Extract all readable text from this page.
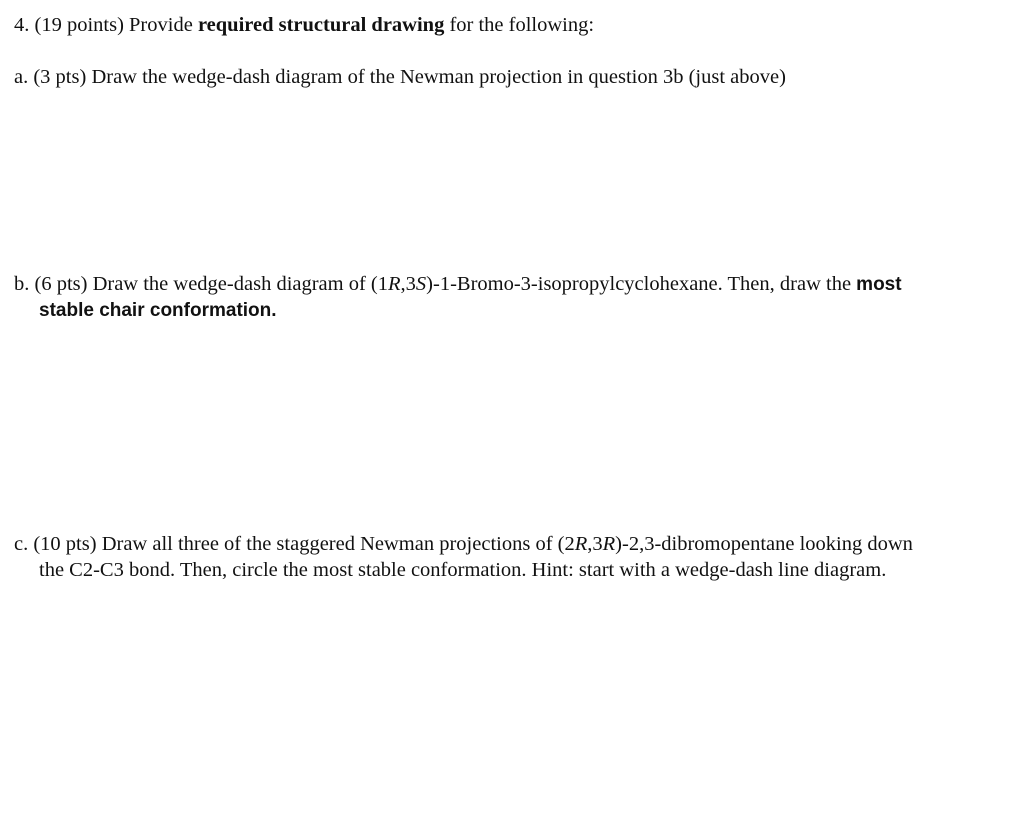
4. (19 points) Provide required structural drawing for the following:
a. (3 pts) Draw the wedge-dash diagram of the Newman projection in question 3b (just above)
b. (6 pts) Draw the wedge-dash diagram of (1R,3S)-1-Bromo-3-isopropylcyclohexane. Then, draw the most
stable chair conformation.
c. (10 pts) Draw all three of the staggered Newman projections of (2R,3R)-2,3-dibromopentane looking down
the C2-C3 bond. Then, circle the most stable conformation. Hint: start with a wedge-dash line diagram.
